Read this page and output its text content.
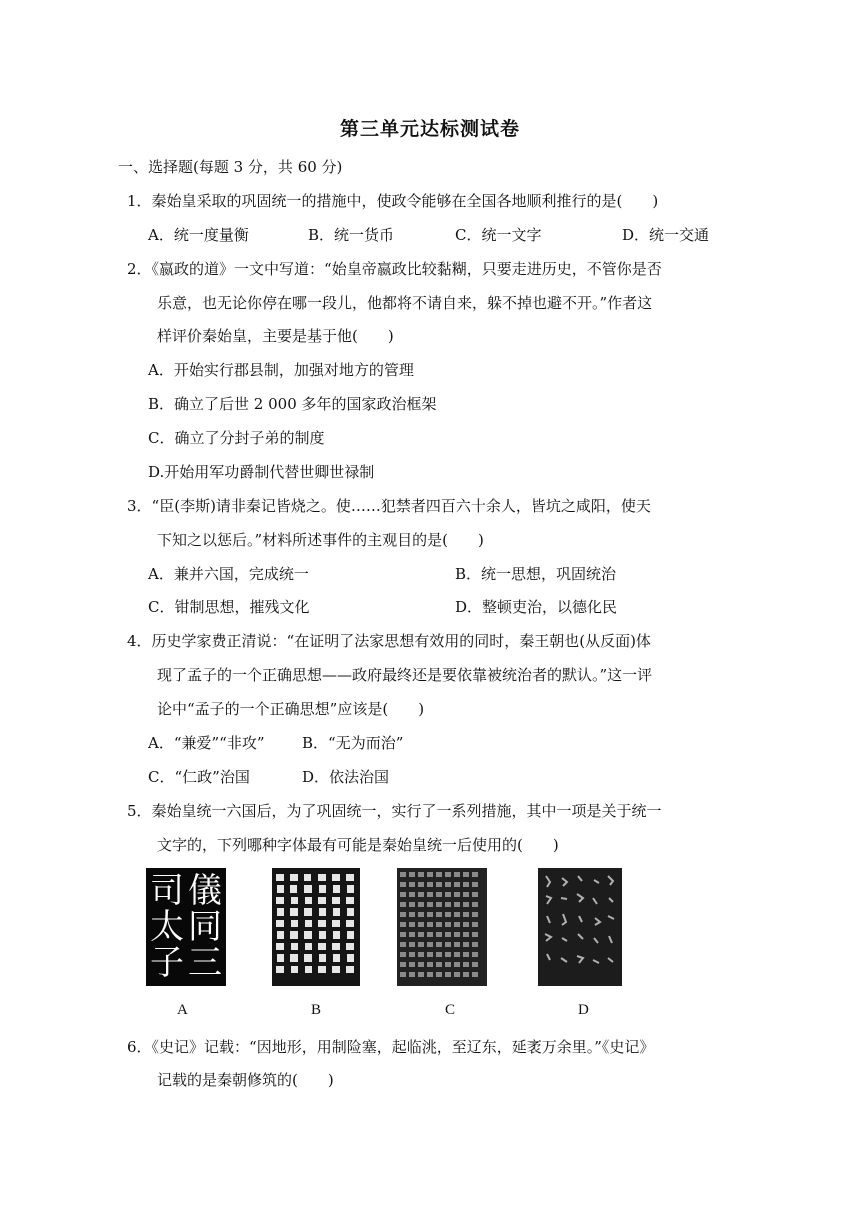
第三单元达标测试卷
一、选择题(每题 3 分，共 60 分)
1．秦始皇采取的巩固统一的措施中，使政令能够在全国各地顺利推行的是(　　)
A．统一度量衡	B．统一货币	C．统一文字	D．统一交通
2．《嬴政的道》一文中写道：“始皇帝嬴政比较黏糊，只要走进历史，不管你是否
乐意，也无论你停在哪一段儿，他都将不请自来，躲不掉也避不开。”作者这
样评价秦始皇，主要是基于他(　　)
A．开始实行郡县制，加强对地方的管理
B．确立了后世 2 000 多年的国家政治框架
C．确立了分封子弟的制度
D.开始用军功爵制代替世卿世禄制
3．“臣(李斯)请非秦记皆烧之。使……犯禁者四百六十余人，皆坑之咸阳，使天
下知之以惩后。”材料所述事件的主观目的是(　　)
A．兼并六国，完成统一	B．统一思想，巩固统治
C．钳制思想，摧残文化	D．整顿吏治，以德化民
4．历史学家费正清说：“在证明了法家思想有效用的同时，秦王朝也(从反面)体
现了孟子的一个正确思想——政府最终还是要依靠被统治者的默认。”这一评
论中“孟子的一个正确思想”应该是(　　)
A．“兼爱”“非攻” B．“无为而治”
C．“仁政”治国	D．依法治国
5．秦始皇统一六国后，为了巩固统一，实行了一系列措施，其中一项是关于统一
文字的，下列哪种字体最有可能是秦始皇统一后使用的(　　)
司
太
子
儀
同
三
A	B	C	D
6．《史记》记载：“因地形，用制险塞，起临洮，至辽东，延袤万余里。”《史记》
记载的是秦朝修筑的(　　)
